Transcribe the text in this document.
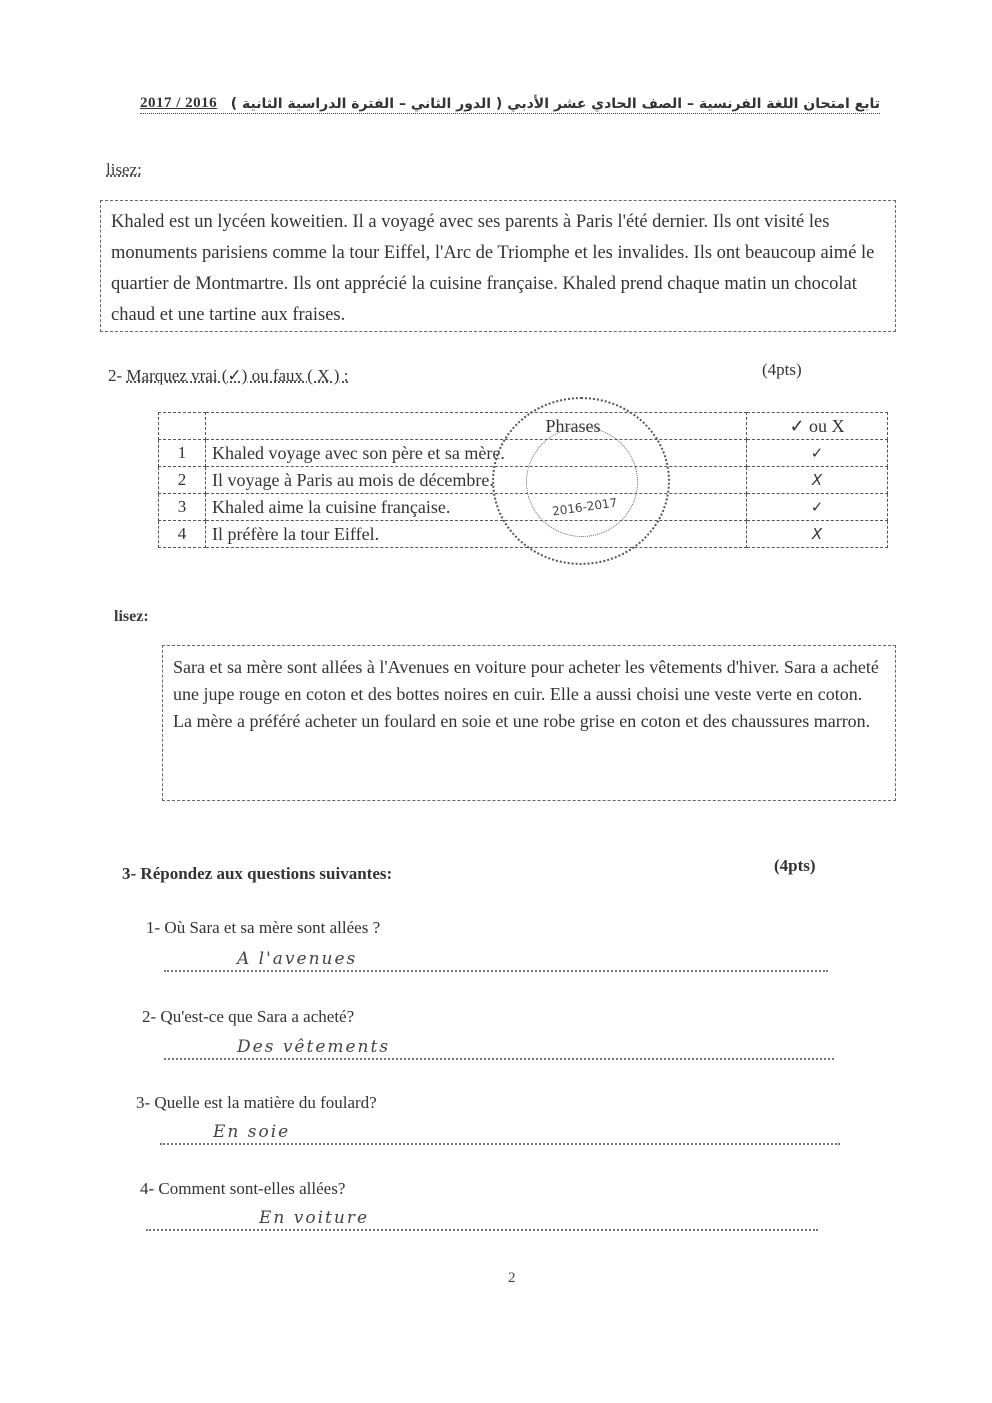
2017 / 2016 تابع امتحان اللغة الفرنسية – الصف الحادي عشر الأدبي ( الدور الثاني – الفترة الدراسية الثانية )
lisez:
Khaled est un lycéen koweitien. Il a voyagé avec ses parents à Paris l'été dernier. Ils ont visité les monuments parisiens comme la tour Eiffel, l'Arc de Triomphe et les invalides. Ils ont beaucoup aimé le quartier de Montmartre. Ils ont apprécié la cuisine française. Khaled prend chaque matin un chocolat chaud et une tartine aux fraises.
2- Marquez vrai (✓) ou faux ( X ) :	(4pts)
	Phrases	✓ ou X
1	Khaled voyage avec son père et sa mère.	✓
2	Il voyage à Paris au mois de décembre.	X
3	Khaled aime la cuisine française.	✓
4	Il préfère la tour Eiffel.	X
2016-2017
lisez:
Sara et sa mère sont allées à l'Avenues en voiture pour acheter les vêtements d'hiver. Sara a acheté une jupe rouge en coton et des bottes noires en cuir. Elle a aussi choisi une veste verte en coton. La mère a préféré acheter un foulard en soie et une robe grise en coton et des chaussures marron.
3- Répondez aux questions suivantes:	(4pts)
1- Où Sara et sa mère sont allées ?
A l'avenues
2- Qu'est-ce que Sara a acheté?
Des vêtements
3- Quelle est la matière du foulard?
En soie
4- Comment sont-elles allées?
En voiture
2
